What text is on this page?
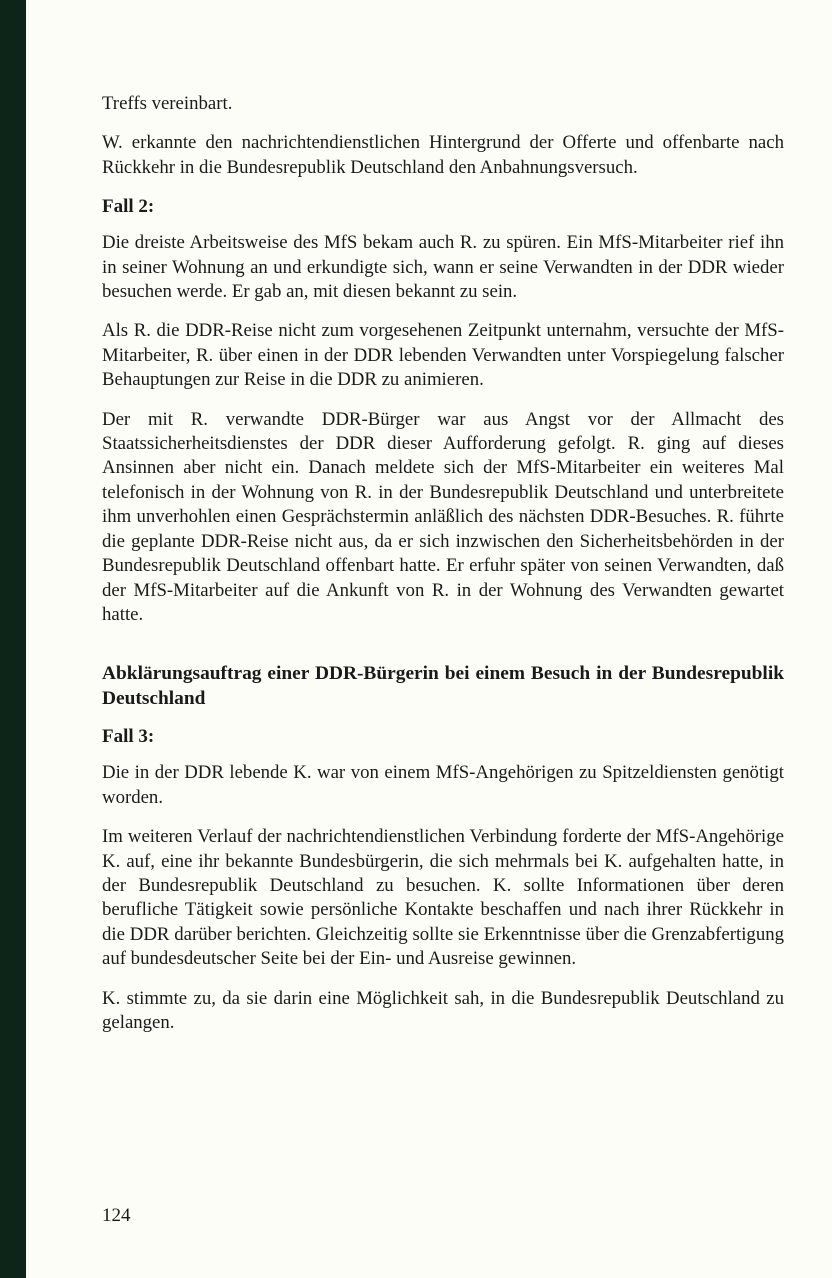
Treffs vereinbart.

W. erkannte den nachrichtendienstlichen Hintergrund der Offerte und offenbarte nach Rückkehr in die Bundesrepublik Deutschland den Anbahnungsversuch.

Fall 2:

Die dreiste Arbeitsweise des MfS bekam auch R. zu spüren. Ein MfS-Mitarbeiter rief ihn in seiner Wohnung an und erkundigte sich, wann er seine Verwandten in der DDR wieder besuchen werde. Er gab an, mit diesen bekannt zu sein.

Als R. die DDR-Reise nicht zum vorgesehenen Zeitpunkt unternahm, versuchte der MfS-Mitarbeiter, R. über einen in der DDR lebenden Verwandten unter Vorspiegelung falscher Behauptungen zur Reise in die DDR zu animieren.

Der mit R. verwandte DDR-Bürger war aus Angst vor der Allmacht des Staatssicherheitsdienstes der DDR dieser Aufforderung gefolgt. R. ging auf dieses Ansinnen aber nicht ein. Danach meldete sich der MfS-Mitarbeiter ein weiteres Mal telefonisch in der Wohnung von R. in der Bundesrepublik Deutschland und unterbreitete ihm unverhohlen einen Gesprächstermin anläßlich des nächsten DDR-Besuches. R. führte die geplante DDR-Reise nicht aus, da er sich inzwischen den Sicherheitsbehörden in der Bundesrepublik Deutschland offenbart hatte. Er erfuhr später von seinen Verwandten, daß der MfS-Mitarbeiter auf die Ankunft von R. in der Wohnung des Verwandten gewartet hatte.

Abklärungsauftrag einer DDR-Bürgerin bei einem Besuch in der Bundesrepublik Deutschland

Fall 3:

Die in der DDR lebende K. war von einem MfS-Angehörigen zu Spitzeldiensten genötigt worden.

Im weiteren Verlauf der nachrichtendienstlichen Verbindung forderte der MfS-Angehörige K. auf, eine ihr bekannte Bundesbürgerin, die sich mehrmals bei K. aufgehalten hatte, in der Bundesrepublik Deutschland zu besuchen. K. sollte Informationen über deren berufliche Tätigkeit sowie persönliche Kontakte beschaffen und nach ihrer Rückkehr in die DDR darüber berichten. Gleichzeitig sollte sie Erkenntnisse über die Grenzabfertigung auf bundesdeutscher Seite bei der Ein- und Ausreise gewinnen.

K. stimmte zu, da sie darin eine Möglichkeit sah, in die Bundesrepublik Deutschland zu gelangen.

124
